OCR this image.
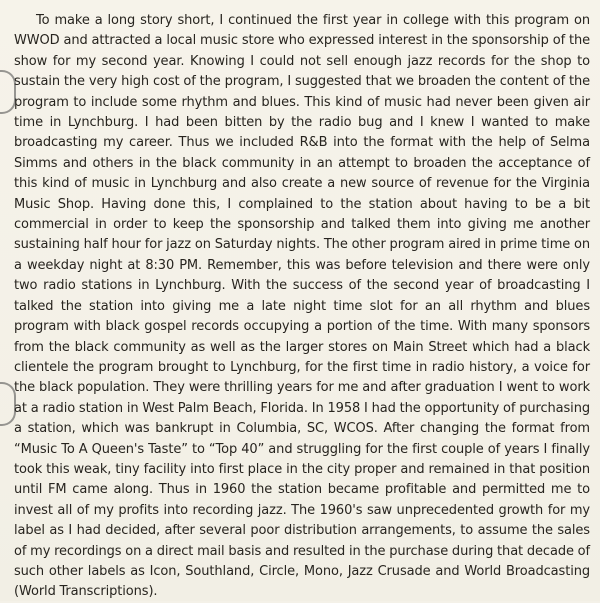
To make a long story short, I continued the first year in college with this program on WWOD and attracted a local music store who expressed interest in the sponsorship of the show for my second year. Knowing I could not sell enough jazz records for the shop to sustain the very high cost of the program, I suggested that we broaden the content of the program to include some rhythm and blues. This kind of music had never been given air time in Lynchburg. I had been bitten by the radio bug and I knew I wanted to make broadcasting my career. Thus we included R&B into the format with the help of Selma Simms and others in the black community in an attempt to broaden the acceptance of this kind of music in Lynchburg and also create a new source of revenue for the Virginia Music Shop. Having done this, I complained to the station about having to be a bit commercial in order to keep the sponsorship and talked them into giving me another sustaining half hour for jazz on Saturday nights. The other program aired in prime time on a weekday night at 8:30 PM. Remember, this was before television and there were only two radio stations in Lynchburg. With the success of the second year of broadcasting I talked the station into giving me a late night time slot for an all rhythm and blues program with black gospel records occupying a portion of the time. With many sponsors from the black community as well as the larger stores on Main Street which had a black clientele the program brought to Lynchburg, for the first time in radio history, a voice for the black population. They were thrilling years for me and after graduation I went to work at a radio station in West Palm Beach, Florida. In 1958 I had the opportunity of purchasing a station, which was bankrupt in Columbia, SC, WCOS. After changing the format from “Music To A Queen's Taste” to “Top 40” and struggling for the first couple of years I finally took this weak, tiny facility into first place in the city proper and remained in that position until FM came along. Thus in 1960 the station became profitable and permitted me to invest all of my profits into recording jazz. The 1960's saw unprecedented growth for my label as I had decided, after several poor distribution arrangements, to assume the sales of my recordings on a direct mail basis and resulted in the purchase during that decade of such other labels as Icon, Southland, Circle, Mono, Jazz Crusade and World Broadcasting (World Transcriptions).
